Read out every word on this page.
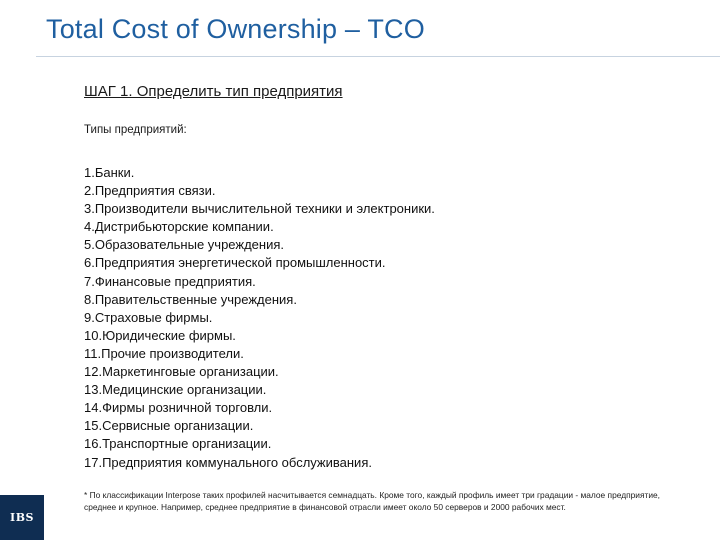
Total Cost of Ownership – TCO
ШАГ 1. Определить тип предприятия
Типы предприятий:
1.Банки.
2.Предприятия связи.
3.Производители вычислительной техники и электроники.
4.Дистрибьюторские компании.
5.Образовательные учреждения.
6.Предприятия энергетической промышленности.
7.Финансовые предприятия.
8.Правительственные учреждения.
9.Страховые фирмы.
10.Юридические фирмы.
11.Прочие производители.
12.Маркетинговые организации.
13.Медицинские организации.
14.Фирмы розничной торговли.
15.Сервисные организации.
16.Транспортные организации.
17.Предприятия коммунального обслуживания.
* По классификации Interpose таких профилей насчитывается семнадцать. Кроме того, каждый профиль имеет три градации - малое предприятие, среднее и крупное. Например, среднее предприятие в финансовой отрасли имеет около 50 серверов и 2000 рабочих мест.
IBS
